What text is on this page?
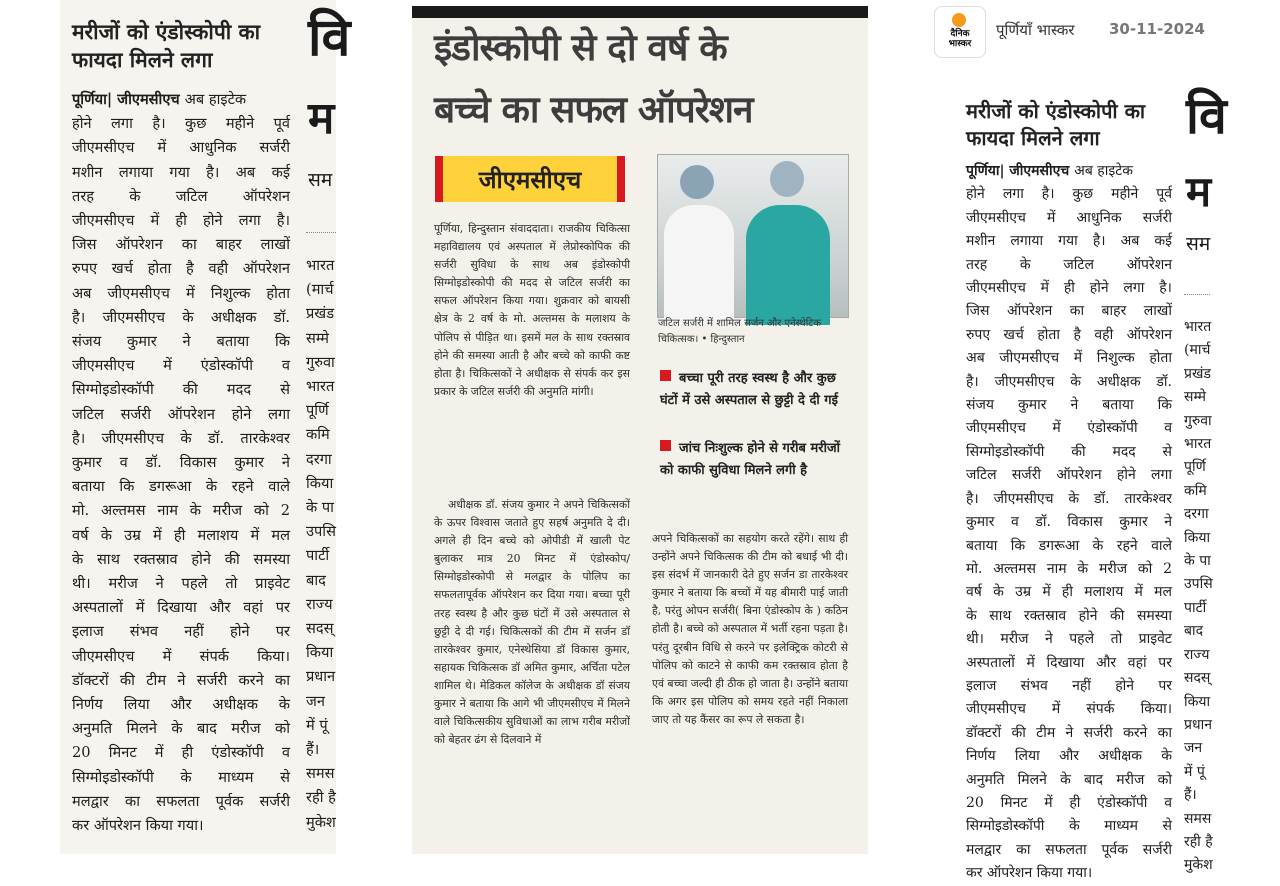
मरीजों को एंडोस्कोपी का
फायदा मिलने लगा
पूर्णिया| जीएमसीएच अब हाइटेक
होने लगा है। कुछ महीने पूर्व
जीएमसीएच में आधुनिक सर्जरी
मशीन लगाया गया है। अब कई
तरह के जटिल ऑपरेशन
जीएमसीएच में ही होने लगा है।
जिस ऑपरेशन का बाहर लाखों
रुपए खर्च होता है वही ऑपरेशन
अब जीएमसीएच में निशुल्क होता
है। जीएमसीएच के अधीक्षक डॉ.
संजय कुमार ने बताया कि
जीएमसीएच में एंडोस्कॉपी व
सिग्मोइडोस्कॉपी की मदद से
जटिल सर्जरी ऑपरेशन होने लगा
है। जीएमसीएच के डॉ. तारकेश्वर
कुमार व डॉ. विकास कुमार ने
बताया कि डगरूआ के रहने वाले
मो. अल्तमस नाम के मरीज को 2
वर्ष के उम्र में ही मलाशय में मल
के साथ रक्तस्राव होने की समस्या
थी। मरीज ने पहले तो प्राइवेट
अस्पतालों में दिखाया और वहां पर
इलाज संभव नहीं होने पर
जीएमसीएच में संपर्क किया।
डॉक्टरों की टीम ने सर्जरी करने का
निर्णय लिया और अधीक्षक के
अनुमति मिलने के बाद मरीज को
20 मिनट में ही एंडोस्कॉपी व
सिग्मोइडोस्कॉपी के माध्यम से
मलद्वार का सफलता पूर्वक सर्जरी
कर ऑपरेशन किया गया।
वि
म
सम
भारत
(मार्च
प्रखंड
सम्मे
गुरुवा
भारत
पूर्णि
कमि
दरगा
किया
के पा
उपसि
पार्टी
बाद
राज्य
सदस्
किया
प्रधान
जन
में पूं
हैं।
समस
रही है
मुकेश
इंडोस्कोपी से दो वर्ष के
बच्चे का सफल ऑपरेशन
जीएमसीएच
पूर्णिया, हिन्दुस्तान संवाददाता। राजकीय चिकित्सा महाविद्यालय एवं अस्पताल में लेप्रोस्कोपिक की सर्जरी सुविधा के साथ अब इंडोस्कोपी सिग्मोइडोस्कोपी की मदद से जटिल सर्जरी का सफल ऑपरेशन किया गया। शुक्रवार को बायसी क्षेत्र के 2 वर्ष के मो. अल्तमस के मलाशय के पोलिप से पीड़ित था। इसमें मल के साथ रक्तस्राव होने की समस्या आती है और बच्चे को काफी कष्ट होता है। चिकित्सकों ने अधीक्षक से संपर्क कर इस प्रकार के जटिल सर्जरी की अनुमति मांगी।
अधीक्षक डॉ. संजय कुमार ने अपने चिकित्सकों के ऊपर विश्वास जताते हुए सहर्ष अनुमति दे दी। अगले ही दिन बच्चे को ओपीडी में खाली पेट बुलाकर मात्र 20 मिनट में एंडोस्कोप/सिग्मोइडोस्कोपी से मलद्वार के पोलिप का सफलतापूर्वक ऑपरेशन कर दिया गया। बच्चा पूरी तरह स्वस्थ है और कुछ घंटों में उसे अस्पताल से छुट्टी दे दी गई। चिकित्सकों की टीम में सर्जन डॉ तारकेश्वर कुमार, एनेस्थेसिया डॉ विकास कुमार, सहायक चिकित्सक डॉ अमित कुमार, अर्चिता पटेल शामिल थे। मेडिकल कॉलेज के अधीक्षक डॉ संजय कुमार ने बताया कि आगे भी जीएमसीएच में मिलने वाले चिकित्सकीय सुविधाओं का लाभ गरीब मरीजों को बेहतर ढंग से दिलवाने में
जटिल सर्जरी में शामिल सर्जन और एनेस्थेटिक चिकित्सक। • हिन्दुस्तान
बच्चा पूरी तरह स्वस्थ है और कुछ घंटों में उसे अस्पताल से छुट्टी दे दी गई
जांच निःशुल्क होने से गरीब मरीजों को काफी सुविधा मिलने लगी है
अपने चिकित्सकों का सहयोग करते रहेंगे। साथ ही उन्होंने अपने चिकित्सक की टीम को बधाई भी दी। इस संदर्भ में जानकारी देते हुए सर्जन डा तारकेश्वर कुमार ने बताया कि बच्चों में यह बीमारी पाई जाती है, परंतु ओपन सर्जरी( बिना एंडोस्कोप के ) कठिन होती है। बच्चे को अस्पताल में भर्ती रहना पड़ता है। परंतु दूरबीन विधि से करने पर इलेक्ट्रिक कोटरी से पोलिप को काटने से काफी कम रक्तस्राव होता है एवं बच्चा जल्दी ही ठीक हो जाता है। उन्होंने बताया कि अगर इस पोलिप को समय रहते नहीं निकाला जाए तो यह कैंसर का रूप ले सकता है।
दैनिक भास्कर
पूर्णियाँ भास्कर 30-11-2024
मरीजों को एंडोस्कोपी का
फायदा मिलने लगा
पूर्णिया| जीएमसीएच अब हाइटेक
होने लगा है। कुछ महीने पूर्व
जीएमसीएच में आधुनिक सर्जरी
मशीन लगाया गया है। अब कई
तरह के जटिल ऑपरेशन
जीएमसीएच में ही होने लगा है।
जिस ऑपरेशन का बाहर लाखों
रुपए खर्च होता है वही ऑपरेशन
अब जीएमसीएच में निशुल्क होता
है। जीएमसीएच के अधीक्षक डॉ.
संजय कुमार ने बताया कि
जीएमसीएच में एंडोस्कॉपी व
सिग्मोइडोस्कॉपी की मदद से
जटिल सर्जरी ऑपरेशन होने लगा
है। जीएमसीएच के डॉ. तारकेश्वर
कुमार व डॉ. विकास कुमार ने
बताया कि डगरूआ के रहने वाले
मो. अल्तमस नाम के मरीज को 2
वर्ष के उम्र में ही मलाशय में मल
के साथ रक्तस्राव होने की समस्या
थी। मरीज ने पहले तो प्राइवेट
अस्पतालों में दिखाया और वहां पर
इलाज संभव नहीं होने पर
जीएमसीएच में संपर्क किया।
डॉक्टरों की टीम ने सर्जरी करने का
निर्णय लिया और अधीक्षक के
अनुमति मिलने के बाद मरीज को
20 मिनट में ही एंडोस्कॉपी व
सिग्मोइडोस्कॉपी के माध्यम से
मलद्वार का सफलता पूर्वक सर्जरी
कर ऑपरेशन किया गया।
वि
म
सम
भारत
(मार्च
प्रखंड
सम्मे
गुरुवा
भारत
पूर्णि
कमि
दरगा
किया
के पा
उपसि
पार्टी
बाद
राज्य
सदस्
किया
प्रधान
जन
में पूं
हैं।
समस
रही है
मुकेश
